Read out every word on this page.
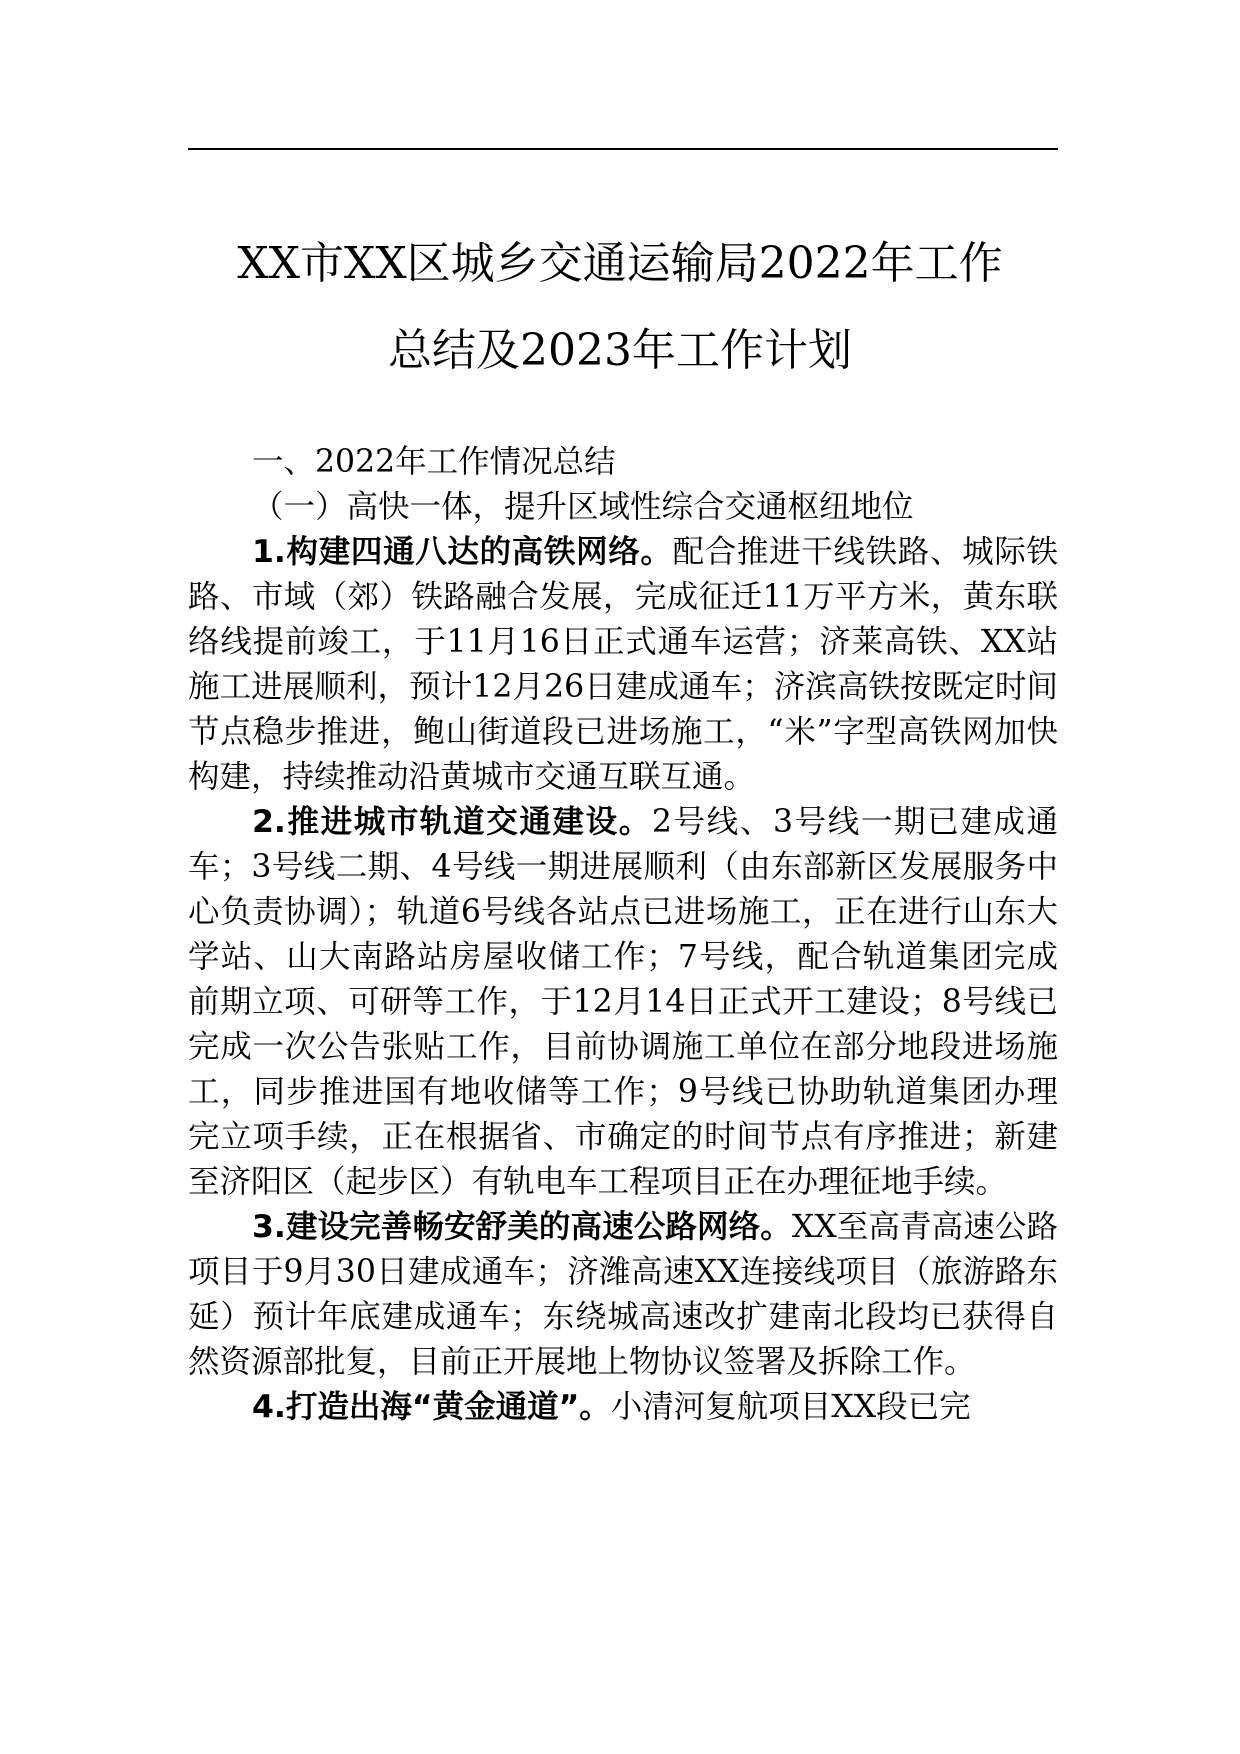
XX市XX区城乡交通运输局2022年工作
总结及2023年工作计划

一、2022年工作情况总结

（一）高快一体，提升区域性综合交通枢纽地位

1.构建四通八达的高铁网络。配合推进干线铁路、城际铁路、市域（郊）铁路融合发展，完成征迁11万平方米，黄东联络线提前竣工，于11月16日正式通车运营；济莱高铁、XX站施工进展顺利，预计12月26日建成通车；济滨高铁按既定时间节点稳步推进，鲍山街道段已进场施工，“米”字型高铁网加快构建，持续推动沿黄城市交通互联互通。

2.推进城市轨道交通建设。2号线、3号线一期已建成通车；3号线二期、4号线一期进展顺利（由东部新区发展服务中心负责协调）；轨道6号线各站点已进场施工，正在进行山东大学站、山大南路站房屋收储工作；7号线，配合轨道集团完成前期立项、可研等工作，于12月14日正式开工建设；8号线已完成一次公告张贴工作，目前协调施工单位在部分地段进场施工，同步推进国有地收储等工作；9号线已协助轨道集团办理完立项手续，正在根据省、市确定的时间节点有序推进；新建至济阳区（起步区）有轨电车工程项目正在办理征地手续。

3.建设完善畅安舒美的高速公路网络。XX至高青高速公路项目于9月30日建成通车；济潍高速XX连接线项目（旅游路东延）预计年底建成通车；东绕城高速改扩建南北段均已获得自然资源部批复，目前正开展地上物协议签署及拆除工作。

4.打造出海“黄金通道”。小清河复航项目XX段已完
